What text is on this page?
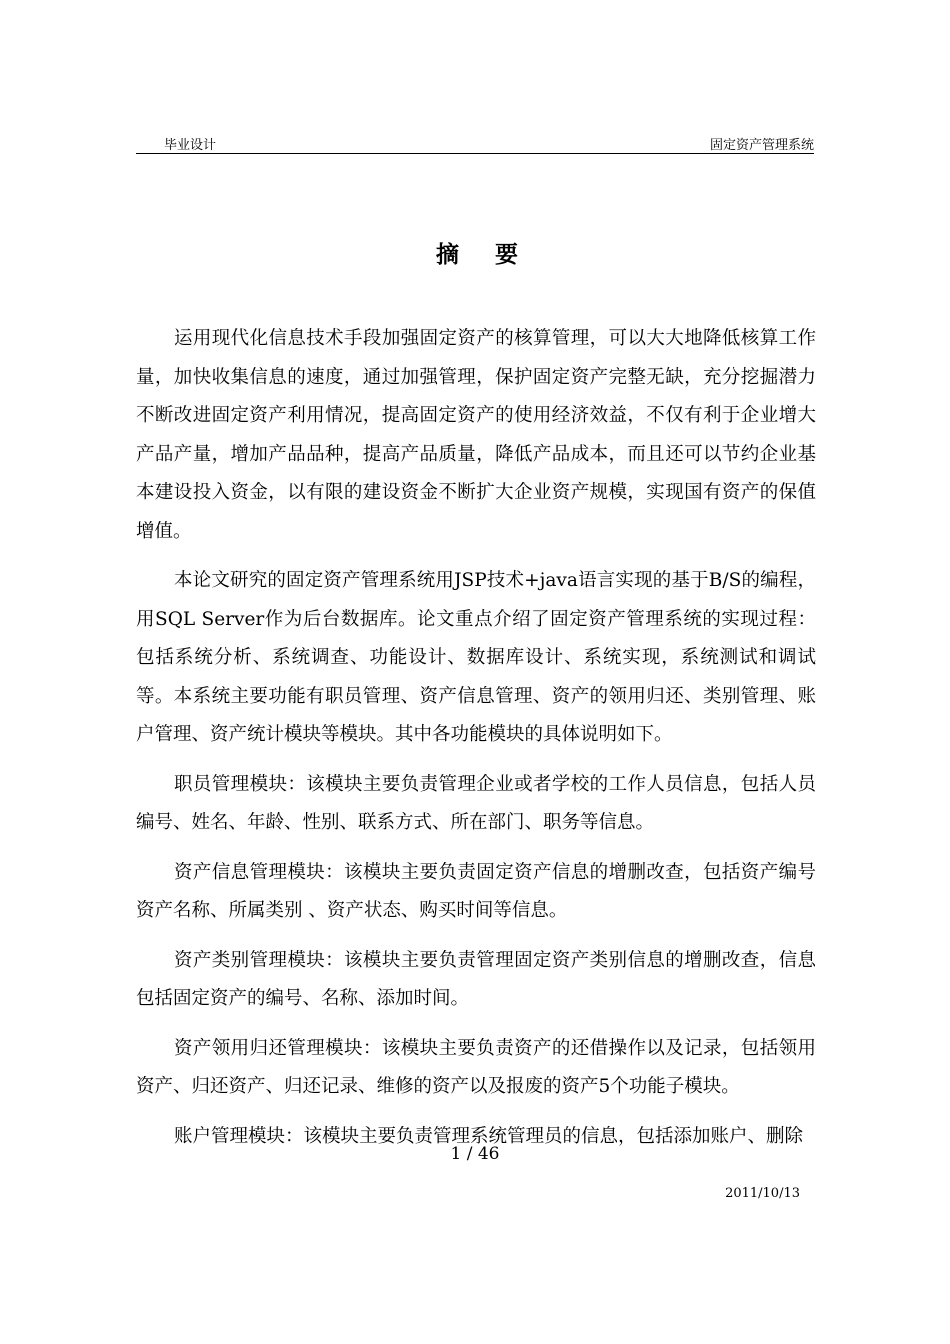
毕业设计	固定资产管理系统
摘 要

运用现代化信息技术手段加强固定资产的核算管理，可以大大地降低核算工作量，加快收集信息的速度，通过加强管理，保护固定资产完整无缺，充分挖掘潜力不断改进固定资产利用情况，提高固定资产的使用经济效益，不仅有利于企业增大产品产量，增加产品品种，提高产品质量，降低产品成本，而且还可以节约企业基本建设投入资金，以有限的建设资金不断扩大企业资产规模，实现国有资产的保值增值。

本论文研究的固定资产管理系统用JSP技术+java语言实现的基于B/S的编程，用SQL Server作为后台数据库。论文重点介绍了固定资产管理系统的实现过程：包括系统分析、系统调查、功能设计、数据库设计、系统实现，系统测试和调试等。本系统主要功能有职员管理、资产信息管理、资产的领用归还、类别管理、账户管理、资产统计模块等模块。其中各功能模块的具体说明如下。

职员管理模块：该模块主要负责管理企业或者学校的工作人员信息，包括人员编号、姓名、年龄、性别、联系方式、所在部门、职务等信息。

资产信息管理模块：该模块主要负责固定资产信息的增删改查，包括资产编号资产名称、所属类别 、资产状态、购买时间等信息。

资产类别管理模块：该模块主要负责管理固定资产类别信息的增删改查，信息包括固定资产的编号、名称、添加时间。

资产领用归还管理模块：该模块主要负责资产的还借操作以及记录，包括领用资产、归还资产、归还记录、维修的资产以及报废的资产5个功能子模块。

账户管理模块：该模块主要负责管理系统管理员的信息，包括添加账户、删除

1 / 46
2011/10/13
